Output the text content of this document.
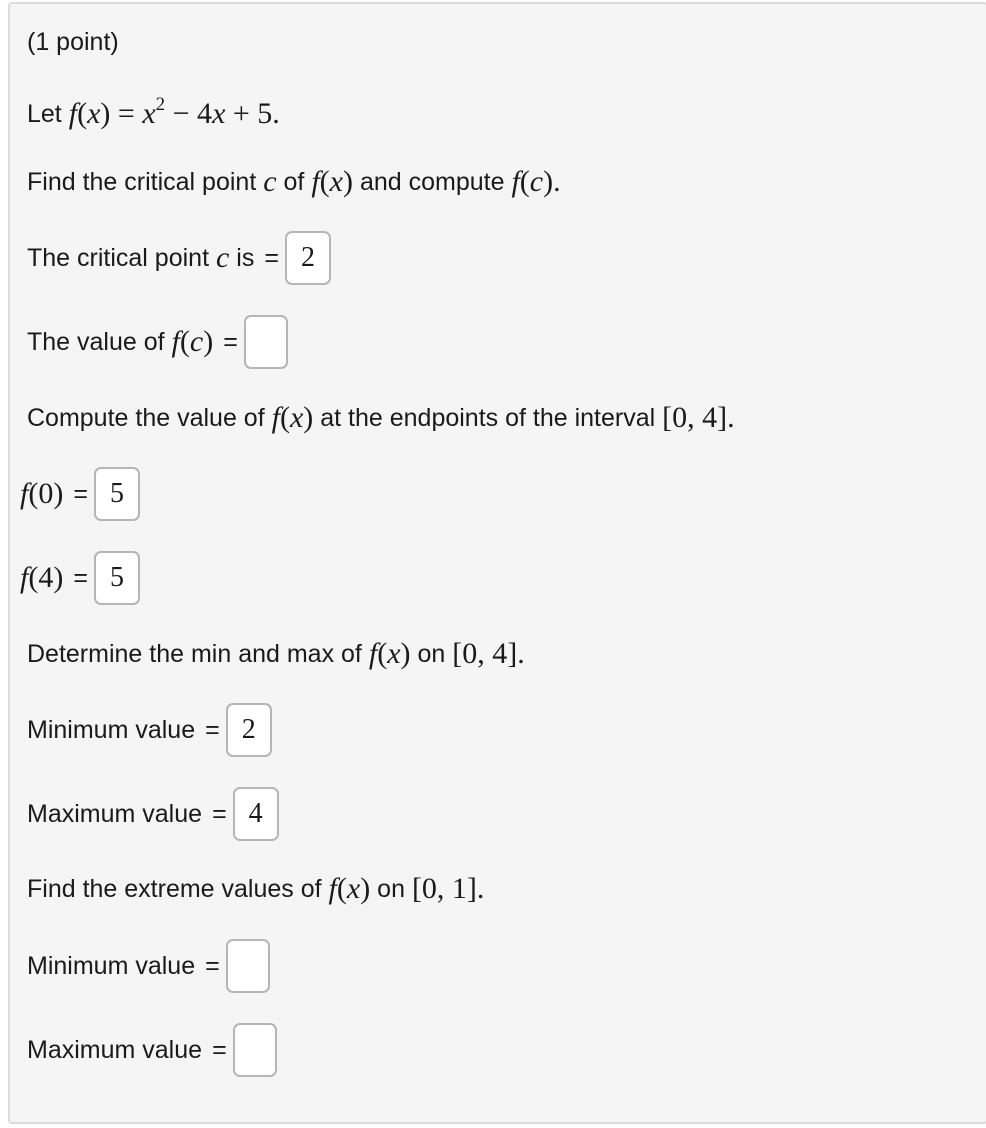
(1 point)
Let
$f(x) = x^2 - 4x + 5$.
Find the critical point
c
of
f(x)
and compute
f(c).
The critical point
c
is = 2
The value of
f(c) =
Compute the value of
f(x)
at the endpoints of the interval
[0, 4].
f(0) = 5
f(4) = 5
Determine the min and max of
f(x)
on
[0, 4].
Minimum value = 2
Maximum value = 4
Find the extreme values of
f(x)
on
[0, 1].
Minimum value =
Maximum value =
